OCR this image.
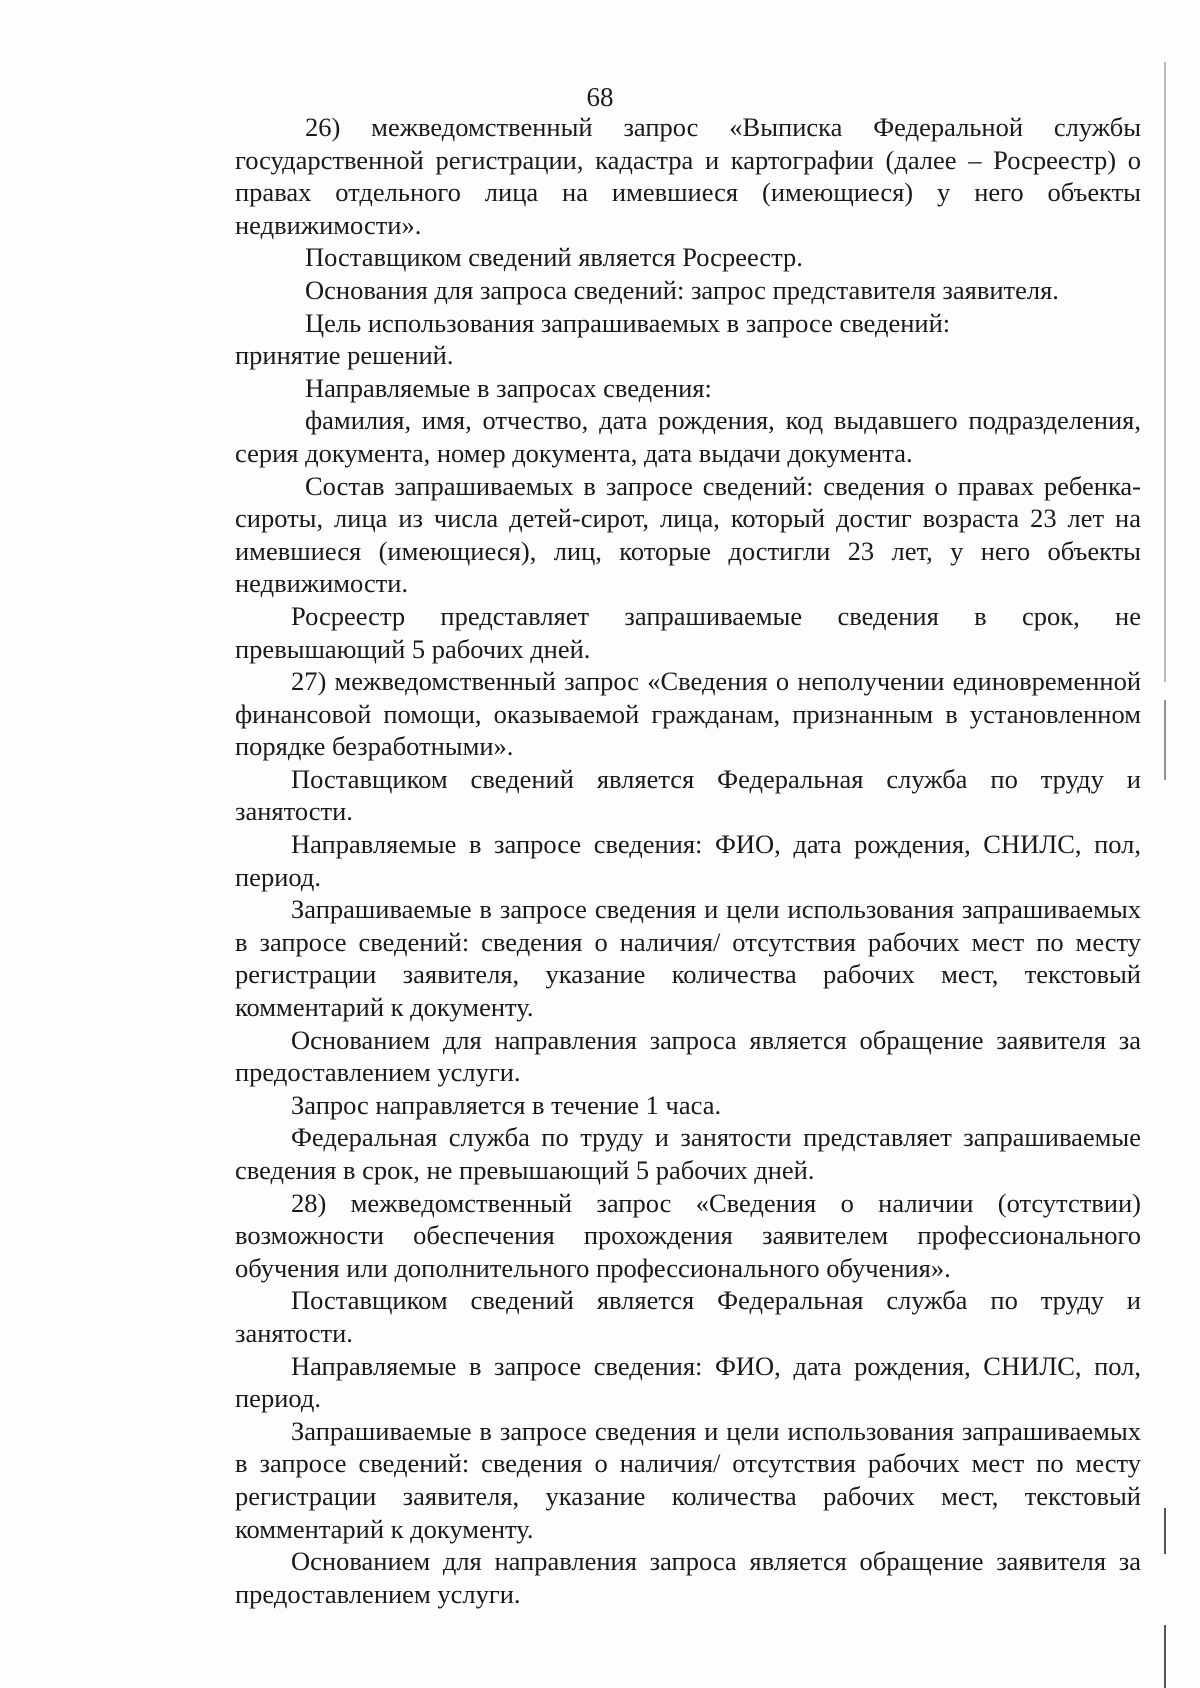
68

26) межведомственный запрос «Выписка Федеральной службы государственной регистрации, кадастра и картографии (далее – Росреестр) о правах отдельного лица на имевшиеся (имеющиеся) у него объекты недвижимости».

Поставщиком сведений является Росреестр.

Основания для запроса сведений: запрос представителя заявителя.

Цель использования запрашиваемых в запросе сведений:

принятие решений.

Направляемые в запросах сведения:

фамилия, имя, отчество, дата рождения, код выдавшего подразделения, серия документа, номер документа, дата выдачи документа.

Состав запрашиваемых в запросе сведений: сведения о правах ребенка-сироты, лица из числа детей-сирот, лица, который достиг возраста 23 лет на имевшиеся (имеющиеся), лиц, которые достигли 23 лет, у него объекты недвижимости.

Росреестр представляет запрашиваемые сведения в срок, не превышающий 5 рабочих дней.

27) межведомственный запрос «Сведения о неполучении единовременной финансовой помощи, оказываемой гражданам, признанным в установленном порядке безработными».

Поставщиком сведений является Федеральная служба по труду и занятости.

Направляемые в запросе сведения: ФИО, дата рождения, СНИЛС, пол, период.

Запрашиваемые в запросе сведения и цели использования запрашиваемых в запросе сведений: сведения о наличия/ отсутствия рабочих мест по месту регистрации заявителя, указание количества рабочих мест, текстовый комментарий к документу.

Основанием для направления запроса является обращение заявителя за предоставлением услуги.

Запрос направляется в течение 1 часа.

Федеральная служба по труду и занятости представляет запрашиваемые сведения в срок, не превышающий 5 рабочих дней.

28) межведомственный запрос «Сведения о наличии (отсутствии) возможности обеспечения прохождения заявителем профессионального обучения или дополнительного профессионального обучения».

Поставщиком сведений является Федеральная служба по труду и занятости.

Направляемые в запросе сведения: ФИО, дата рождения, СНИЛС, пол, период.

Запрашиваемые в запросе сведения и цели использования запрашиваемых в запросе сведений: сведения о наличия/ отсутствия рабочих мест по месту регистрации заявителя, указание количества рабочих мест, текстовый комментарий к документу.

Основанием для направления запроса является обращение заявителя за предоставлением услуги.
